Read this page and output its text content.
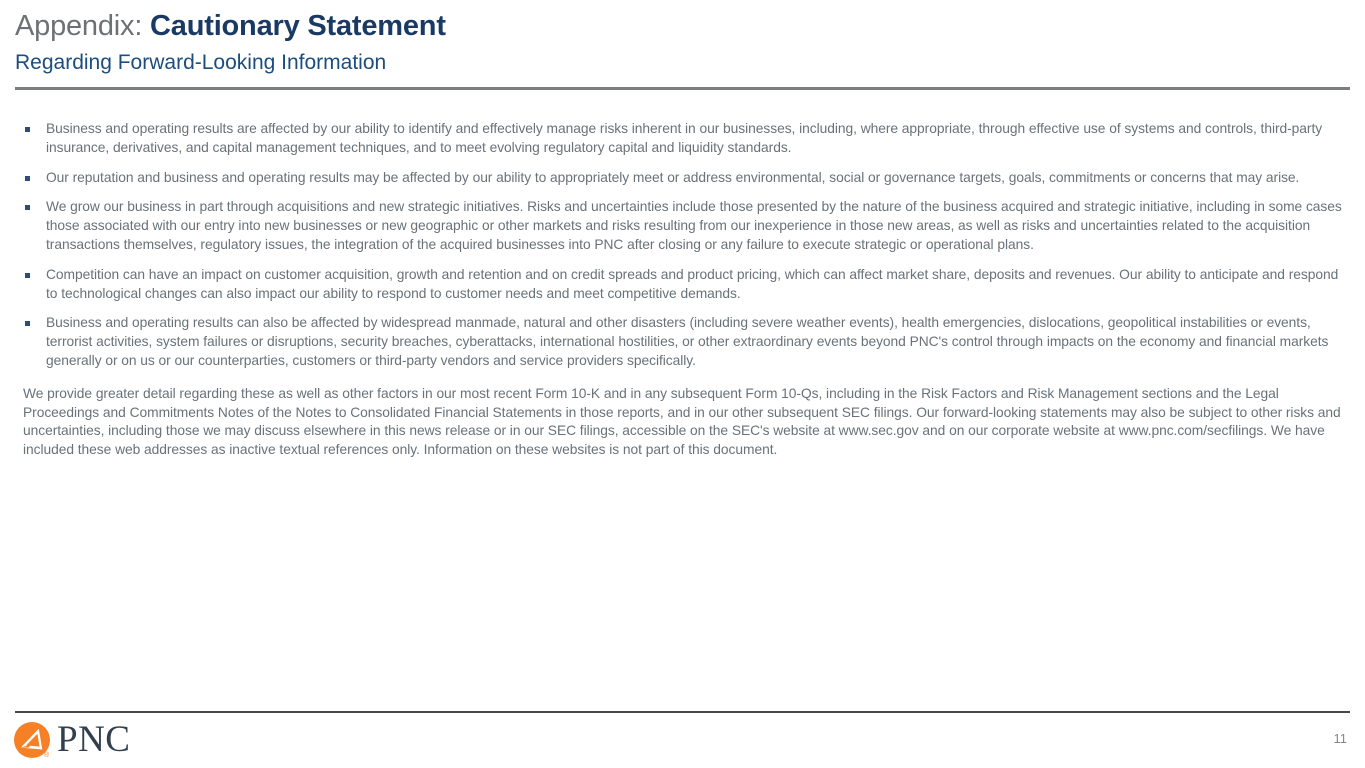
Appendix: Cautionary Statement
Regarding Forward-Looking Information
Business and operating results are affected by our ability to identify and effectively manage risks inherent in our businesses, including, where appropriate, through effective use of systems and controls, third-party insurance, derivatives, and capital management techniques, and to meet evolving regulatory capital and liquidity standards.
Our reputation and business and operating results may be affected by our ability to appropriately meet or address environmental, social or governance targets, goals, commitments or concerns that may arise.
We grow our business in part through acquisitions and new strategic initiatives. Risks and uncertainties include those presented by the nature of the business acquired and strategic initiative, including in some cases those associated with our entry into new businesses or new geographic or other markets and risks resulting from our inexperience in those new areas, as well as risks and uncertainties related to the acquisition transactions themselves, regulatory issues, the integration of the acquired businesses into PNC after closing or any failure to execute strategic or operational plans.
Competition can have an impact on customer acquisition, growth and retention and on credit spreads and product pricing, which can affect market share, deposits and revenues. Our ability to anticipate and respond to technological changes can also impact our ability to respond to customer needs and meet competitive demands.
Business and operating results can also be affected by widespread manmade, natural and other disasters (including severe weather events), health emergencies, dislocations, geopolitical instabilities or events, terrorist activities, system failures or disruptions, security breaches, cyberattacks, international hostilities, or other extraordinary events beyond PNC's control through impacts on the economy and financial markets generally or on us or our counterparties, customers or third-party vendors and service providers specifically.

We provide greater detail regarding these as well as other factors in our most recent Form 10-K and in any subsequent Form 10-Qs, including in the Risk Factors and Risk Management sections and the Legal Proceedings and Commitments Notes of the Notes to Consolidated Financial Statements in those reports, and in our other subsequent SEC filings. Our forward-looking statements may also be subject to other risks and uncertainties, including those we may discuss elsewhere in this news release or in our SEC filings, accessible on the SEC's website at www.sec.gov and on our corporate website at www.pnc.com/secfilings. We have included these web addresses as inactive textual references only. Information on these websites is not part of this document.

® PNC	11
